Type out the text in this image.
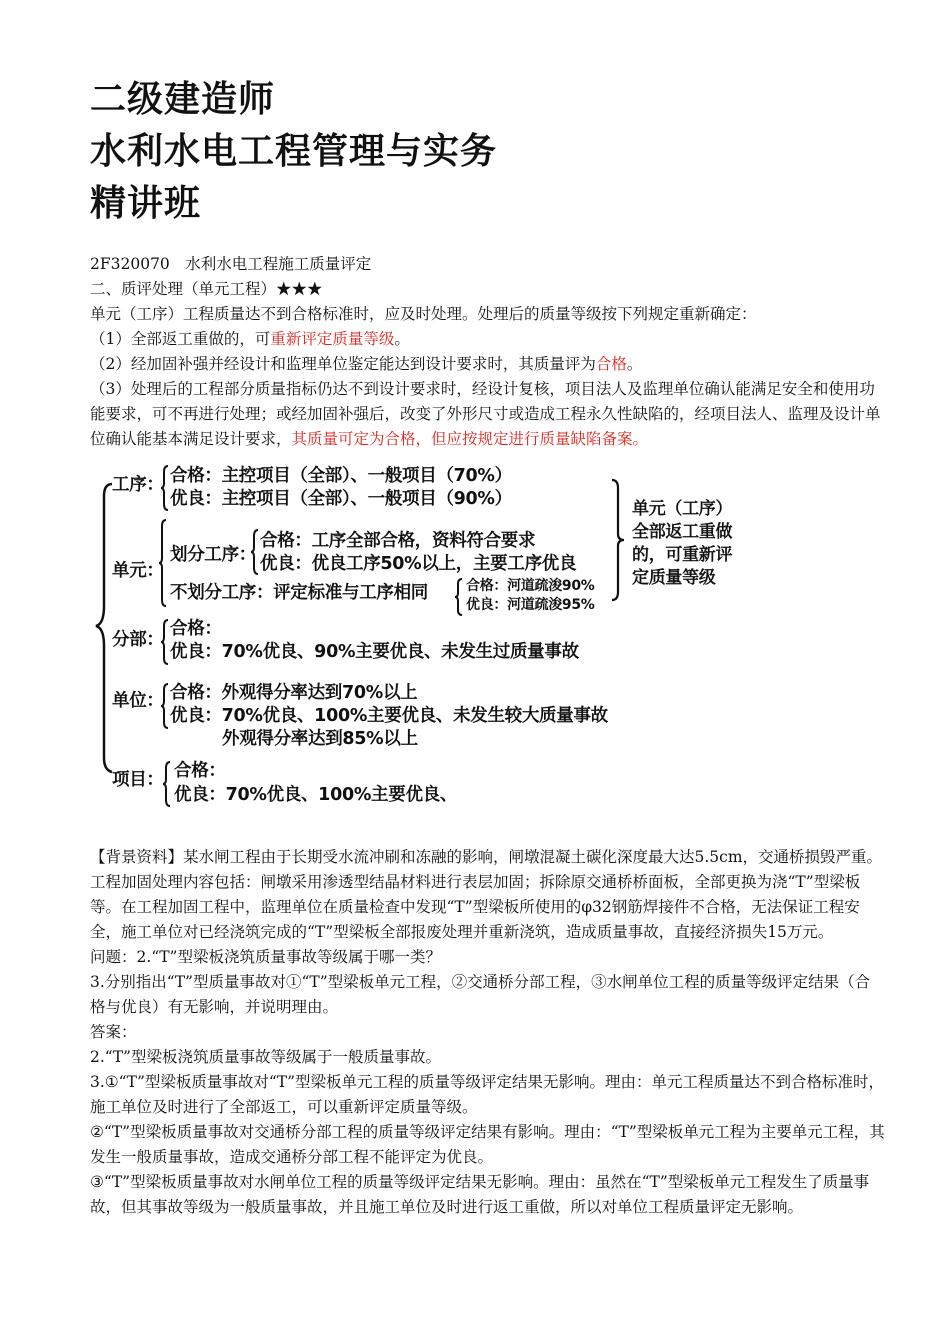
二级建造师
水利水电工程管理与实务
精讲班

2F320070　水利水电工程施工质量评定

二、质评处理（单元工程）★★★

单元（工序）工程质量达不到合格标准时，应及时处理。处理后的质量等级按下列规定重新确定：

（1）全部返工重做的，可重新评定质量等级。

（2）经加固补强并经设计和监理单位鉴定能达到设计要求时，其质量评为合格。

（3）处理后的工程部分质量指标仍达不到设计要求时，经设计复核，项目法人及监理单位确认能满足安全和使用功能要求，可不再进行处理；或经加固补强后，改变了外形尺寸或造成工程永久性缺陷的，经项目法人、监理及设计单位确认能基本满足设计要求，其质量可定为合格，但应按规定进行质量缺陷备案。

工序： 合格：主控项目（全部）、一般项目（70%）
优良：主控项目（全部）、一般项目（90%）
单元：
划分工序：
合格：工序全部合格，资料符合要求
优良：优良工序50%以上，主要工序优良
不划分工序：评定标准与工序相同	合格：河道疏浚90%
优良：河道疏浚95%
分部：
合格：
优良：70%优良、90%主要优良、未发生过质量事故
单位： 合格：外观得分率达到70%以上
优良：70%优良、100%主要优良、未发生较大质量事故
外观得分率达到85%以上
项目： 合格：
优良：70%优良、100%主要优良、
单元（工序）
全部返工重做
的，可重新评
定质量等级

【背景资料】某水闸工程由于长期受水流冲刷和冻融的影响，闸墩混凝土碳化深度最大达5.5cm，交通桥损毁严重。工程加固处理内容包括：闸墩采用渗透型结晶材料进行表层加固；拆除原交通桥桥面板，全部更换为浇“T”型梁板等。在工程加固工程中，监理单位在质量检查中发现“T”型梁板所使用的φ32钢筋焊接件不合格，无法保证工程安全，施工单位对已经浇筑完成的“T”型梁板全部报废处理并重新浇筑，造成质量事故，直接经济损失15万元。

问题：2.“T”型梁板浇筑质量事故等级属于哪一类？

3.分别指出“T”型质量事故对①“T”型梁板单元工程，②交通桥分部工程，③水闸单位工程的质量等级评定结果（合格与优良）有无影响，并说明理由。

答案：

2.“T”型梁板浇筑质量事故等级属于一般质量事故。

3.①“T”型梁板质量事故对“T”型梁板单元工程的质量等级评定结果无影响。理由：单元工程质量达不到合格标准时，施工单位及时进行了全部返工，可以重新评定质量等级。

②“T”型梁板质量事故对交通桥分部工程的质量等级评定结果有影响。理由：“T”型梁板单元工程为主要单元工程，其发生一般质量事故，造成交通桥分部工程不能评定为优良。

③“T”型梁板质量事故对水闸单位工程的质量等级评定结果无影响。理由：虽然在“T”型梁板单元工程发生了质量事故，但其事故等级为一般质量事故，并且施工单位及时进行返工重做，所以对单位工程质量评定无影响。
